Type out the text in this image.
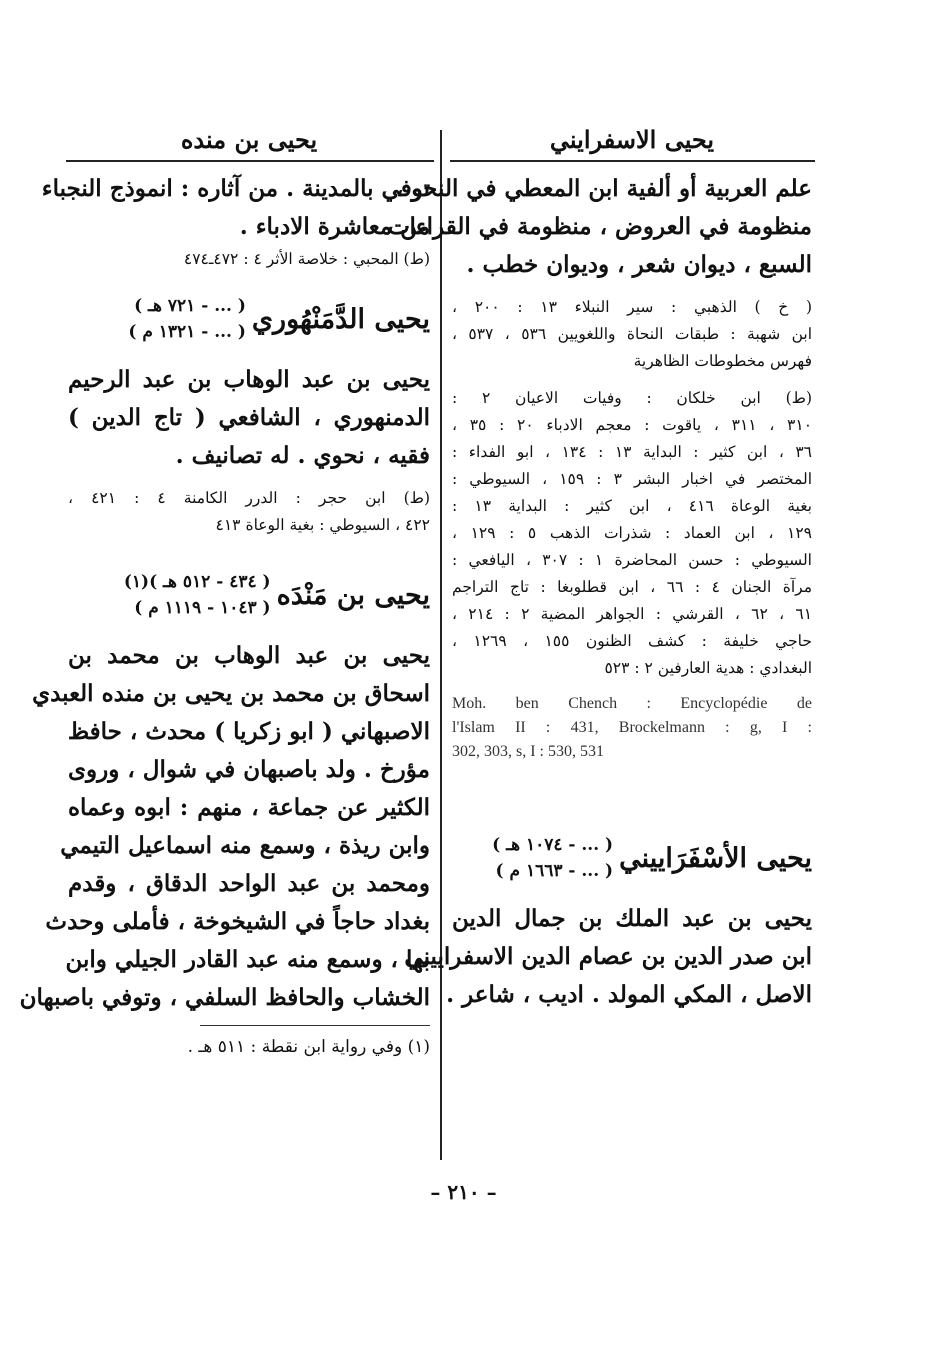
يحيى الاسفرايني
علم العربية أو ألفية ابن المعطي في النحو ،
منظومة في العروض ، منظومة في القراءات
السبع ، ديوان شعر ، وديوان خطب .
( خ ) الذهبي : سير النبلاء ١٣ : ٢٠٠ ،
ابن شهبة : طبقات النحاة واللغويين ٥٣٦ ، ٥٣٧ ،
فهرس مخطوطات الظاهرية
(ط) ابن خلكان : وفيات الاعيان ٢ :
٣١٠ ، ٣١١ ، ياقوت : معجم الادباء ٢٠ : ٣٥ ،
٣٦ ، ابن كثير : البداية ١٣ : ١٣٤ ، ابو الفداء :
المختصر في اخبار البشر ٣ : ١٥٩ ، السيوطي :
بغية الوعاة ٤١٦ ، ابن كثير : البداية ١٣ :
١٢٩ ، ابن العماد : شذرات الذهب ٥ : ١٢٩ ،
السيوطي : حسن المحاضرة ١ : ٣٠٧ ، اليافعي :
مرآة الجنان ٤ : ٦٦ ، ابن قطلوبغا : تاج التراجم
٦١ ، ٦٢ ، القرشي : الجواهر المضية ٢ : ٢١٤ ،
حاجي خليفة : كشف الظنون ١٥٥ ، ١٢٦٩ ،
البغدادي : هدية العارفين ٢ : ٥٢٣
Moh. ben Chench : Encyclopédie de
l'Islam II : 431, Brockelmann : g, I :
302, 303, s, I : 530, 531
يحيى الأسْفَرَاييني
( ... - ١٠٧٤ هـ )
( ... - ١٦٦٣ م )
يحيى بن عبد الملك بن جمال الدين
ابن صدر الدين بن عصام الدين الاسفراييني
الاصل ، المكي المولد . اديب ، شاعر .
يحيى بن منده
توفي بالمدينة . من آثاره : انموذج النجباء
من معاشرة الادباء .
(ط) المحبي : خلاصة الأثر ٤ : ٤٧٢ـ٤٧٤
يحيى الدَّمَنْهُوري
( ... - ٧٢١ هـ )
( ... - ١٣٢١ م )
يحيى بن عبد الوهاب بن عبد الرحيم
الدمنهوري ، الشافعي ( تاج الدين )
فقيه ، نحوي . له تصانيف .
(ط) ابن حجر : الدرر الكامنة ٤ : ٤٢١ ،
٤٢٢ ، السيوطي : بغية الوعاة ٤١٣
يحيى بن مَنْدَه
( ٤٣٤ - ٥١٢ هـ )(١)
( ١٠٤٣ - ١١١٩ م )
يحيى بن عبد الوهاب بن محمد بن
اسحاق بن محمد بن يحيى بن منده العبدي
الاصبهاني ( ابو زكريا ) محدث ، حافظ
مؤرخ . ولد باصبهان في شوال ، وروى
الكثير عن جماعة ، منهم : ابوه وعماه
وابن ريذة ، وسمع منه اسماعيل التيمي
ومحمد بن عبد الواحد الدقاق ، وقدم
بغداد حاجاً في الشيخوخة ، فأملى وحدث
بها ، وسمع منه عبد القادر الجيلي وابن
الخشاب والحافظ السلفي ، وتوفي باصبهان
(١) وفي رواية ابن نقطة : ٥١١ هـ .
– ٢١٠ –
